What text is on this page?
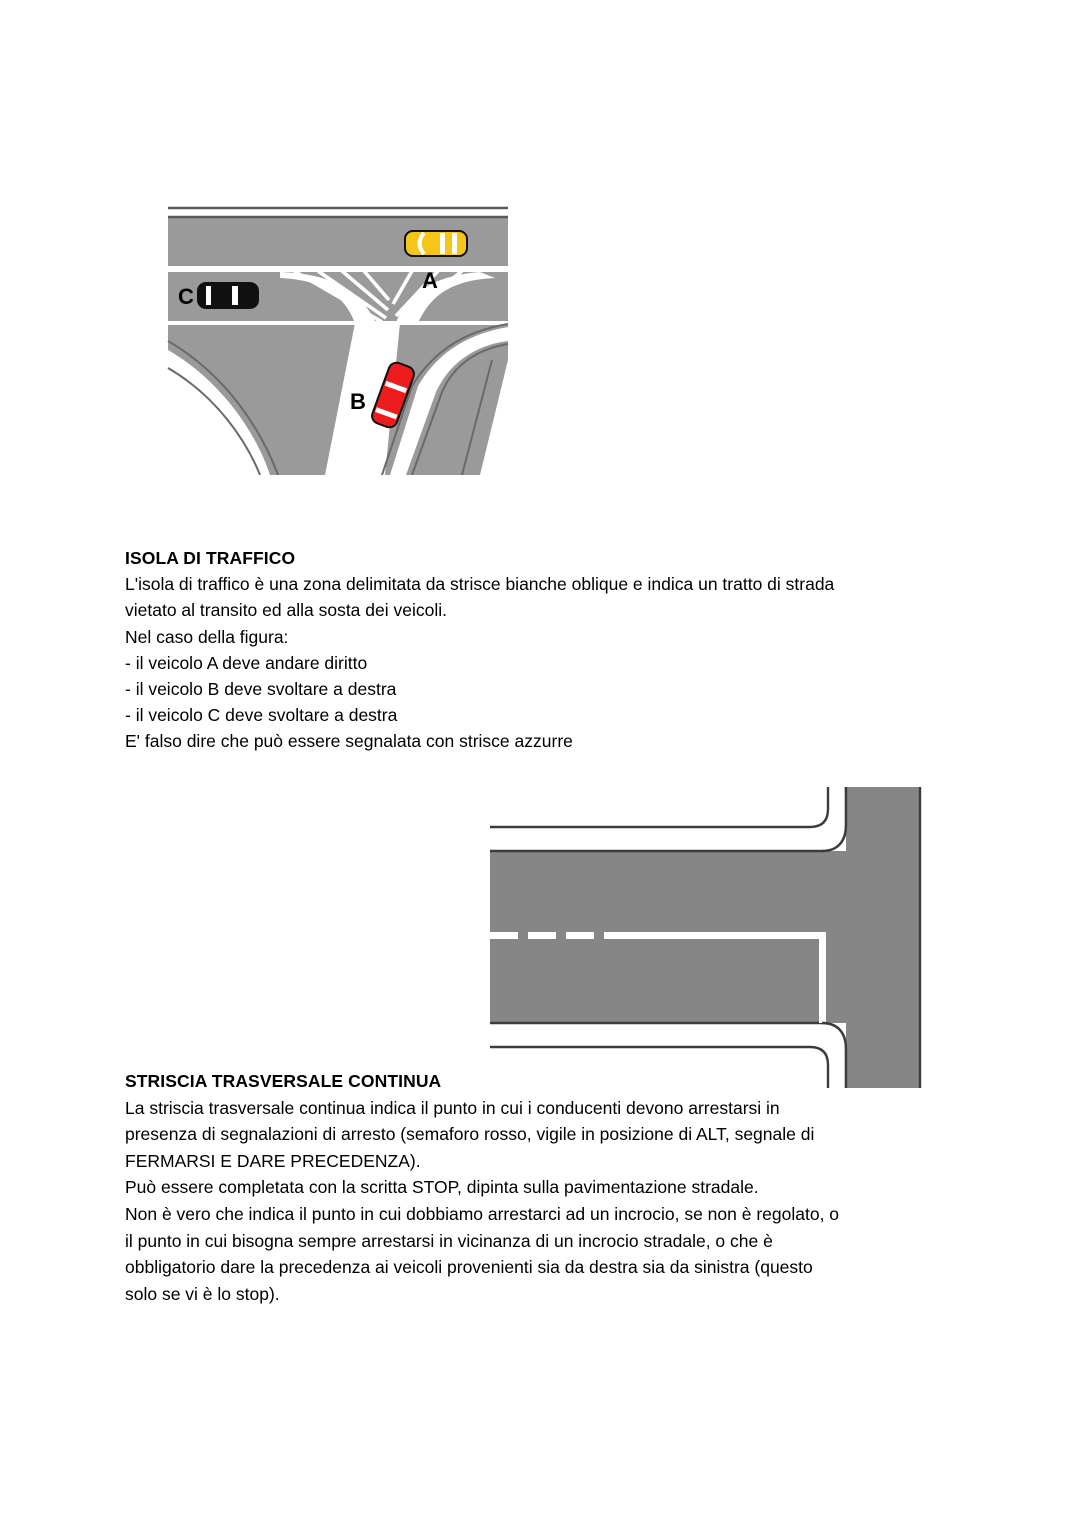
A
C
B

ISOLA DI TRAFFICO

L'isola di traffico è una zona delimitata da strisce bianche oblique e indica un tratto di strada

vietato al transito ed alla sosta dei veicoli.

Nel caso della figura:

- il veicolo A deve andare diritto

- il veicolo B deve svoltare a destra

- il veicolo C deve svoltare a destra

E' falso dire che può essere segnalata con strisce azzurre

STRISCIA TRASVERSALE CONTINUA

La striscia trasversale continua indica il punto in cui i conducenti devono arrestarsi in

presenza di segnalazioni di arresto (semaforo rosso, vigile in posizione di ALT, segnale di

FERMARSI E DARE PRECEDENZA).

Può essere completata con la scritta STOP, dipinta sulla pavimentazione stradale.

Non è vero che indica il punto in cui dobbiamo arrestarci ad un incrocio, se non è regolato, o

il punto in cui bisogna sempre arrestarsi in vicinanza di un incrocio stradale, o che è

obbligatorio dare la precedenza ai veicoli provenienti sia da destra sia da sinistra (questo

solo se vi è lo stop).
